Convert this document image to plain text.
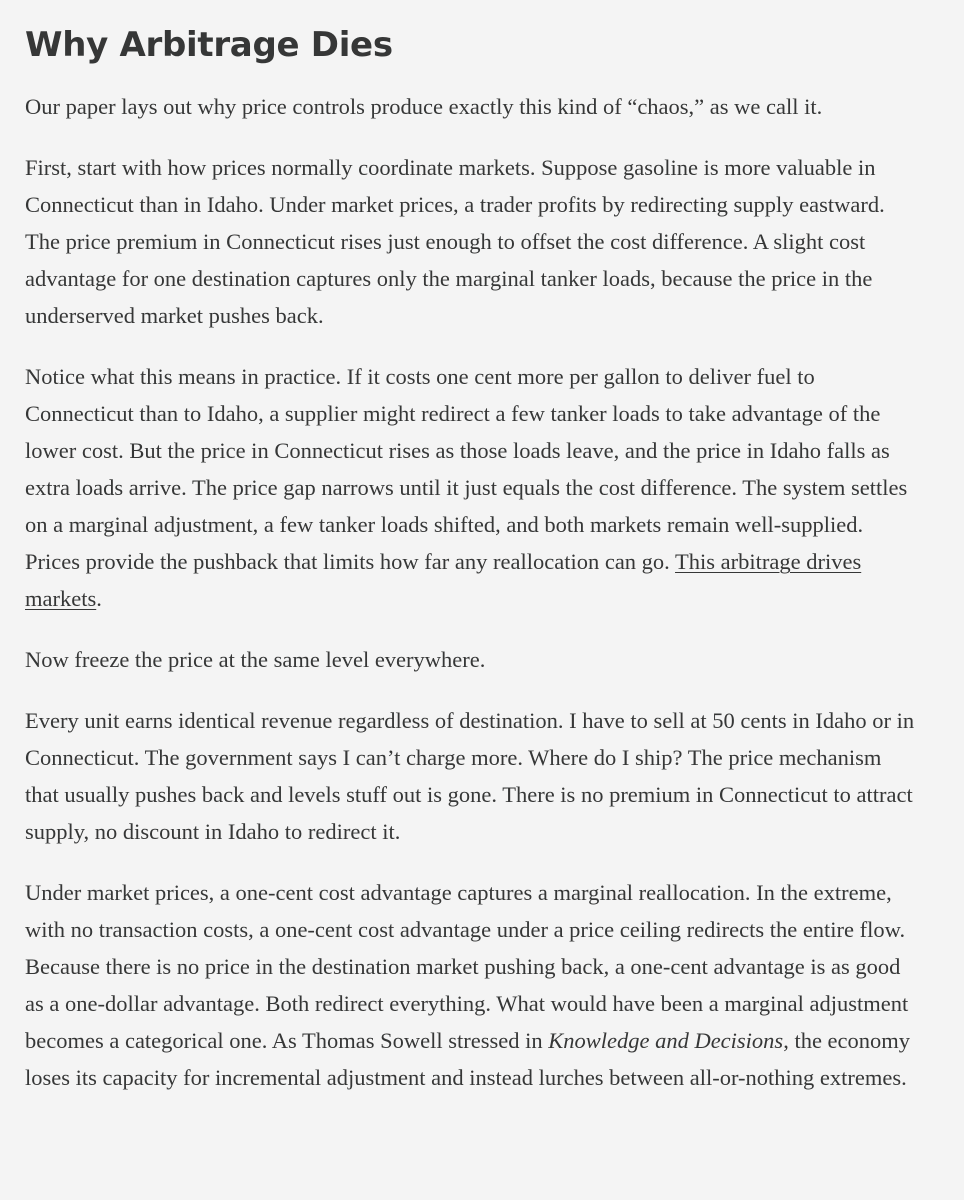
Why Arbitrage Dies

Our paper lays out why price controls produce exactly this kind of “chaos,” as we call it.

First, start with how prices normally coordinate markets. Suppose gasoline is more valuable in Connecticut than in Idaho. Under market prices, a trader profits by redirecting supply eastward. The price premium in Connecticut rises just enough to offset the cost difference. A slight cost advantage for one destination captures only the marginal tanker loads, because the price in the underserved market pushes back.

Notice what this means in practice. If it costs one cent more per gallon to deliver fuel to Connecticut than to Idaho, a supplier might redirect a few tanker loads to take advantage of the lower cost. But the price in Connecticut rises as those loads leave, and the price in Idaho falls as extra loads arrive. The price gap narrows until it just equals the cost difference. The system settles on a marginal adjustment, a few tanker loads shifted, and both markets remain well-supplied. Prices provide the pushback that limits how far any reallocation can go. This arbitrage drives markets.

Now freeze the price at the same level everywhere.

Every unit earns identical revenue regardless of destination. I have to sell at 50 cents in Idaho or in Connecticut. The government says I can’t charge more. Where do I ship? The price mechanism that usually pushes back and levels stuff out is gone. There is no premium in Connecticut to attract supply, no discount in Idaho to redirect it.

Under market prices, a one-cent cost advantage captures a marginal reallocation. In the extreme, with no transaction costs, a one-cent cost advantage under a price ceiling redirects the entire flow. Because there is no price in the destination market pushing back, a one-cent advantage is as good as a one-dollar advantage. Both redirect everything. What would have been a marginal adjustment becomes a categorical one. As Thomas Sowell stressed in Knowledge and Decisions, the economy loses its capacity for incremental adjustment and instead lurches between all-or-nothing extremes.
